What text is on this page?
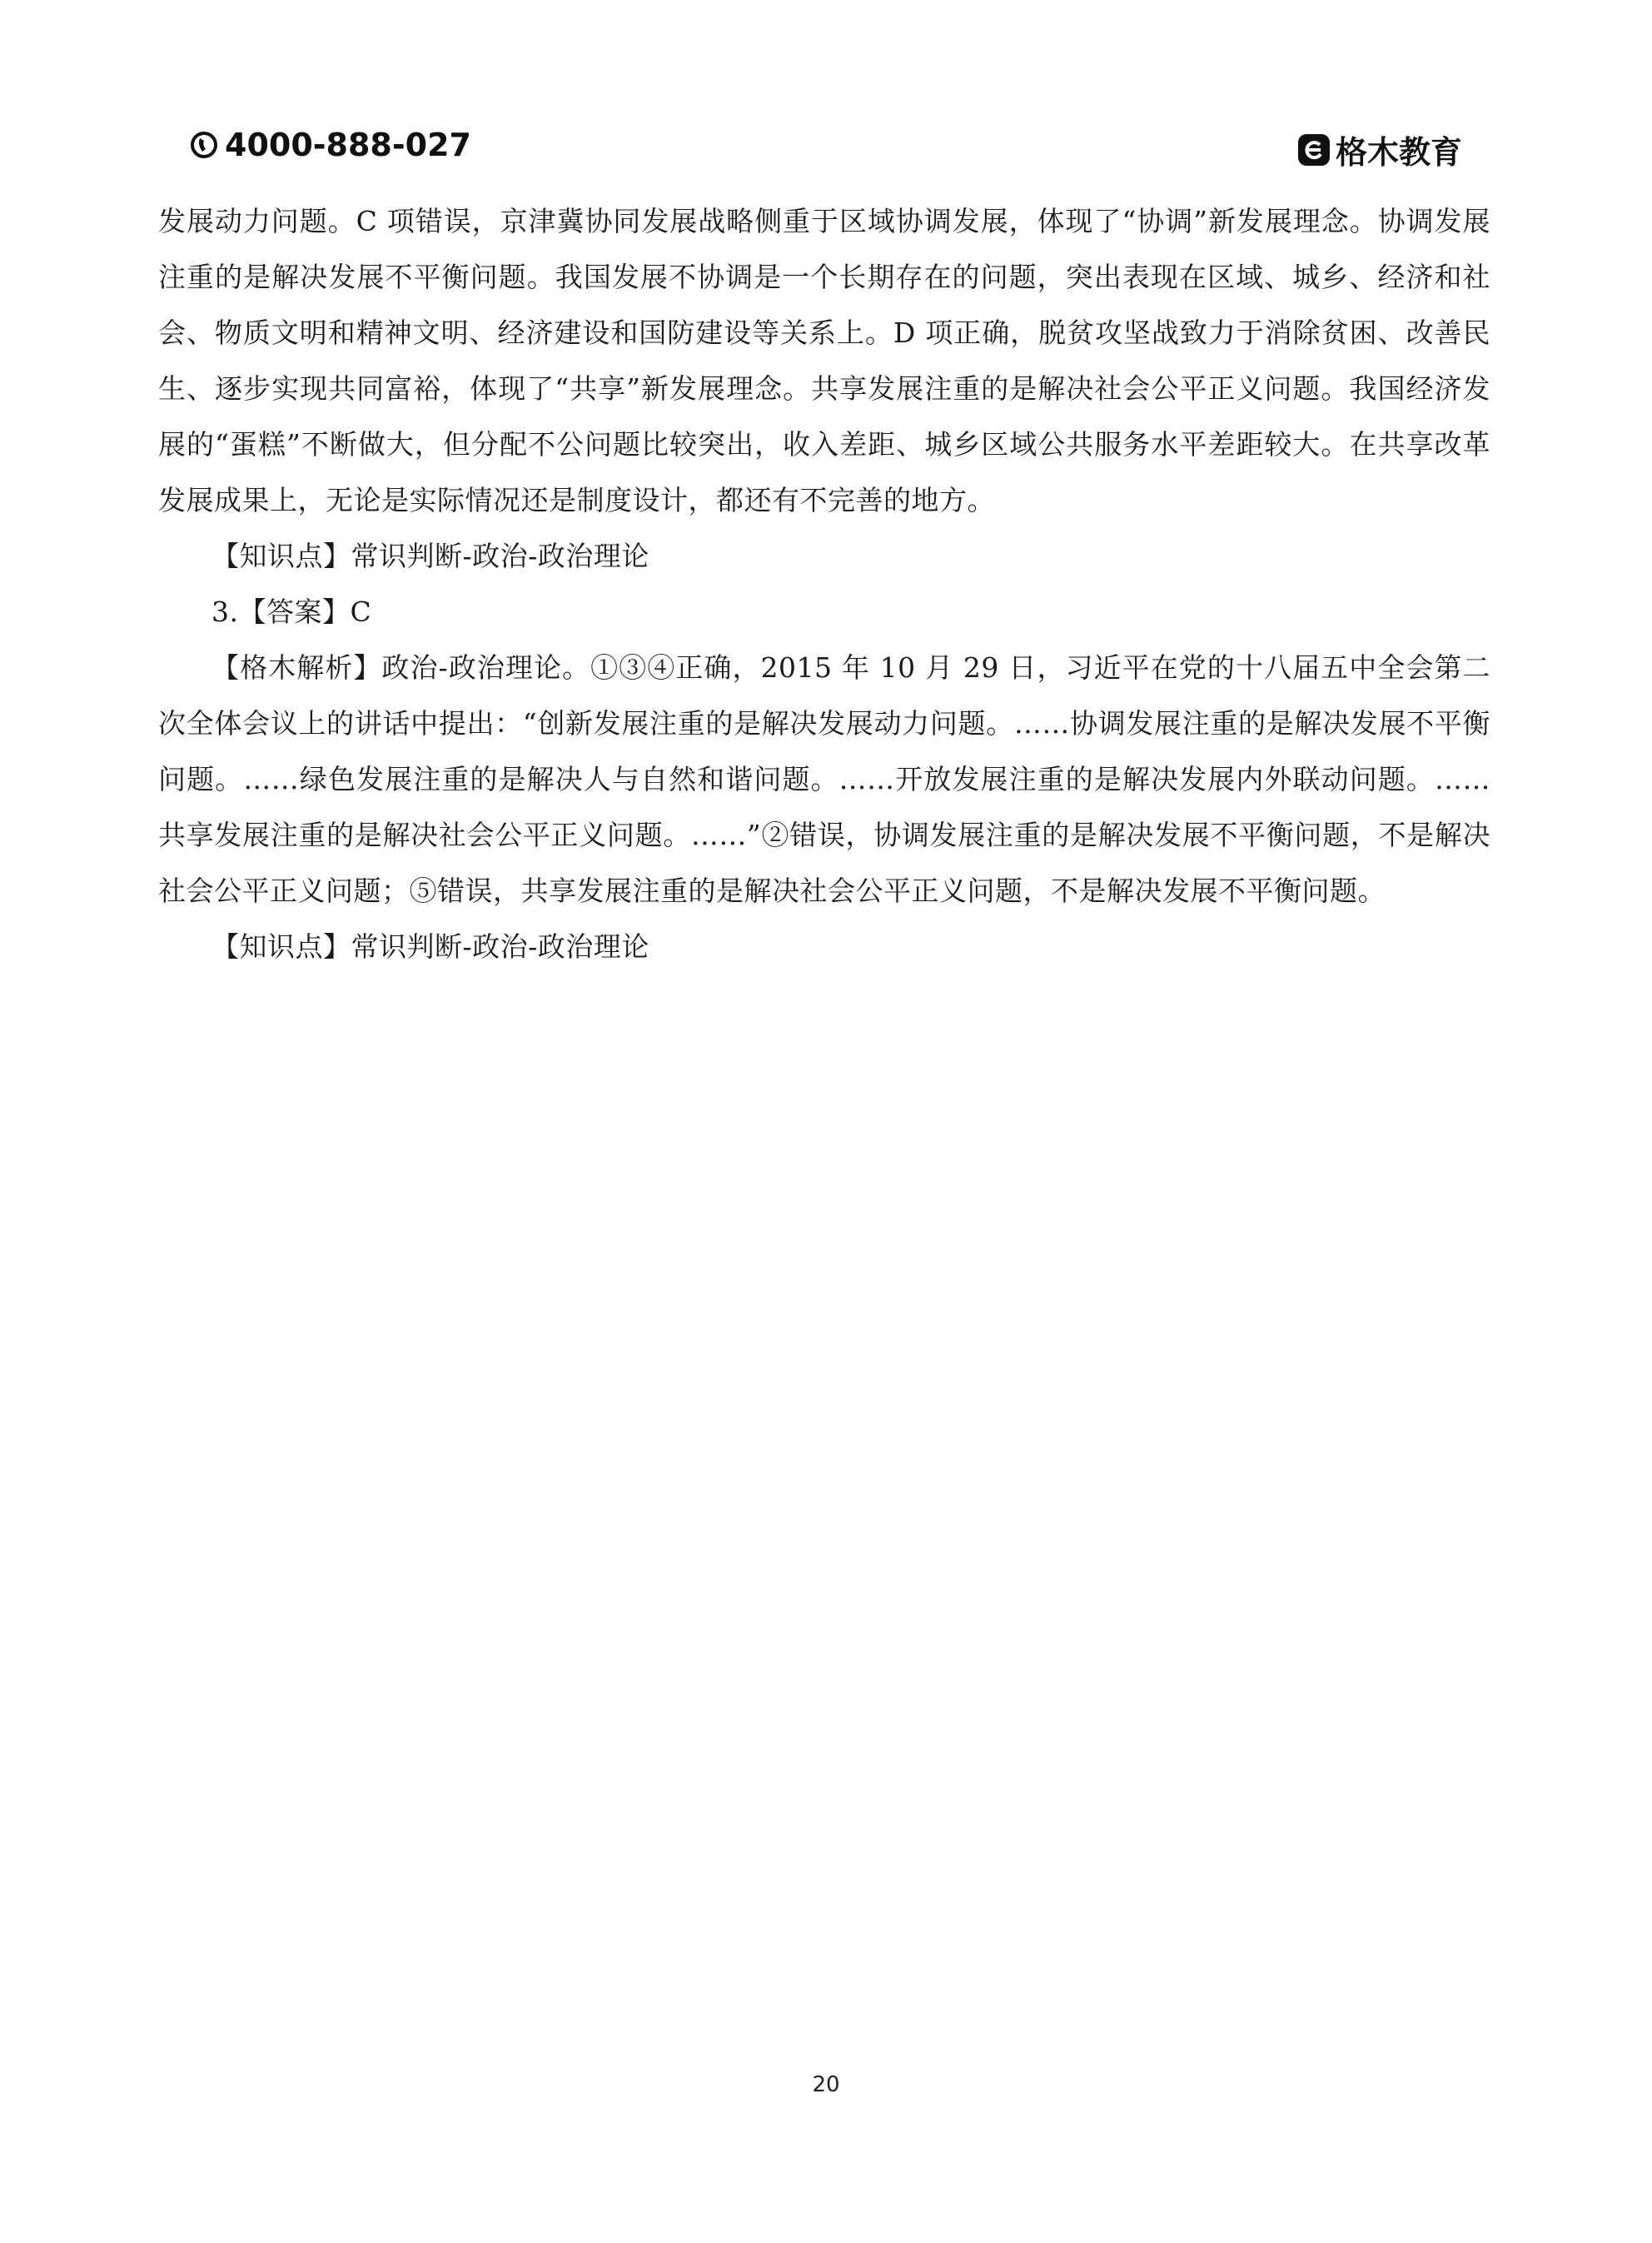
4000-888-027	格木教育

发展动力问题。C 项错误，京津冀协同发展战略侧重于区域协调发展，体现了“协调”新发展理念。协调发展注重的是解决发展不平衡问题。我国发展不协调是一个长期存在的问题，突出表现在区域、城乡、经济和社会、物质文明和精神文明、经济建设和国防建设等关系上。D 项正确，脱贫攻坚战致力于消除贫困、改善民生、逐步实现共同富裕，体现了“共享”新发展理念。共享发展注重的是解决社会公平正义问题。我国经济发展的“蛋糕”不断做大，但分配不公问题比较突出，收入差距、城乡区域公共服务水平差距较大。在共享改革发展成果上，无论是实际情况还是制度设计，都还有不完善的地方。

【知识点】常识判断-政治-政治理论

3.【答案】C

【格木解析】政治-政治理论。①③④正确，2015 年 10 月 29 日，习近平在党的十八届五中全会第二次全体会议上的讲话中提出：“创新发展注重的是解决发展动力问题。……协调发展注重的是解决发展不平衡问题。……绿色发展注重的是解决人与自然和谐问题。……开放发展注重的是解决发展内外联动问题。……共享发展注重的是解决社会公平正义问题。……”②错误，协调发展注重的是解决发展不平衡问题，不是解决社会公平正义问题；⑤错误，共享发展注重的是解决社会公平正义问题，不是解决发展不平衡问题。

【知识点】常识判断-政治-政治理论

20
